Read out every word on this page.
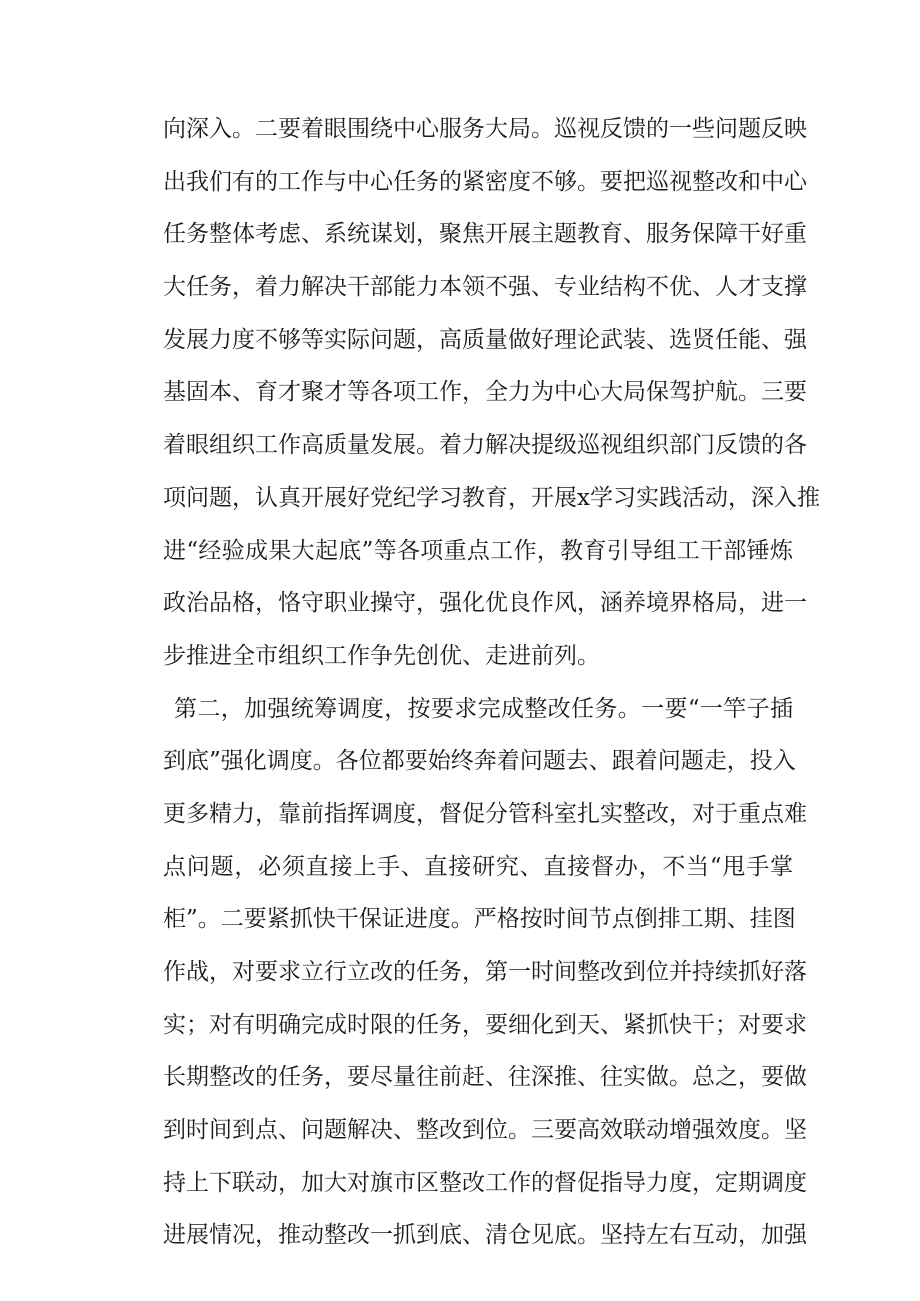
向深入。二要着眼围绕中心服务大局。巡视反馈的一些问题反映
出我们有的工作与中心任务的紧密度不够。要把巡视整改和中心
任务整体考虑、系统谋划，聚焦开展主题教育、服务保障干好重
大任务，着力解决干部能力本领不强、专业结构不优、人才支撑
发展力度不够等实际问题，高质量做好理论武装、选贤任能、强
基固本、育才聚才等各项工作，全力为中心大局保驾护航。三要
着眼组织工作高质量发展。着力解决提级巡视组织部门反馈的各
项问题，认真开展好党纪学习教育，开展x学习实践活动，深入推
进“经验成果大起底”等各项重点工作，教育引导组工干部锤炼
政治品格，恪守职业操守，强化优良作风，涵养境界格局，进一
步推进全市组织工作争先创优、走进前列。
第二，加强统筹调度，按要求完成整改任务。一要“一竿子插
到底”强化调度。各位都要始终奔着问题去、跟着问题走，投入
更多精力，靠前指挥调度，督促分管科室扎实整改，对于重点难
点问题，必须直接上手、直接研究、直接督办，不当“甩手掌
柜”。二要紧抓快干保证进度。严格按时间节点倒排工期、挂图
作战，对要求立行立改的任务，第一时间整改到位并持续抓好落
实；对有明确完成时限的任务，要细化到天、紧抓快干；对要求
长期整改的任务，要尽量往前赶、往深推、往实做。总之，要做
到时间到点、问题解决、整改到位。三要高效联动增强效度。坚
持上下联动，加大对旗市区整改工作的督促指导力度，定期调度
进展情况，推动整改一抓到底、清仓见底。坚持左右互动，加强
